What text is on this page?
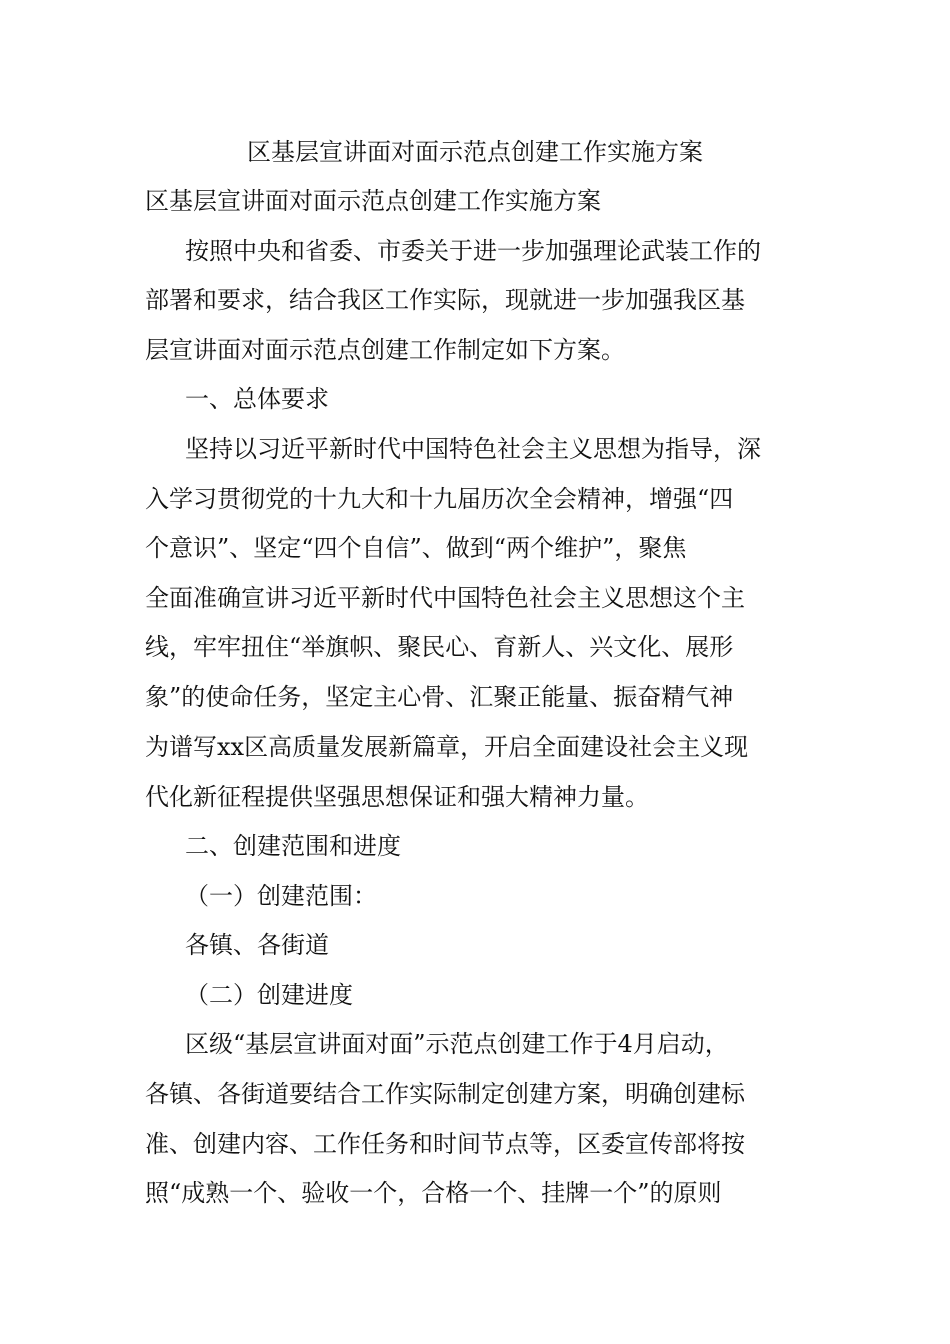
区基层宣讲面对面示范点创建工作实施方案
区基层宣讲面对面示范点创建工作实施方案
按照中央和省委、市委关于进一步加强理论武装工作的
部署和要求，结合我区工作实际，现就进一步加强我区基
层宣讲面对面示范点创建工作制定如下方案。
一、总体要求
坚持以习近平新时代中国特色社会主义思想为指导，深
入学习贯彻党的十九大和十九届历次全会精神，增强“四
个意识”、坚定“四个自信”、做到“两个维护”，聚焦
全面准确宣讲习近平新时代中国特色社会主义思想这个主
线，牢牢扭住“举旗帜、聚民心、育新人、兴文化、展形
象”的使命任务，坚定主心骨、汇聚正能量、振奋精气神
为谱写xx区高质量发展新篇章，开启全面建设社会主义现
代化新征程提供坚强思想保证和强大精神力量。
二、创建范围和进度
（一）创建范围：
各镇、各街道
（二）创建进度
区级“基层宣讲面对面”示范点创建工作于4月启动，
各镇、各街道要结合工作实际制定创建方案，明确创建标
准、创建内容、工作任务和时间节点等，区委宣传部将按
照“成熟一个、验收一个，合格一个、挂牌一个”的原则
